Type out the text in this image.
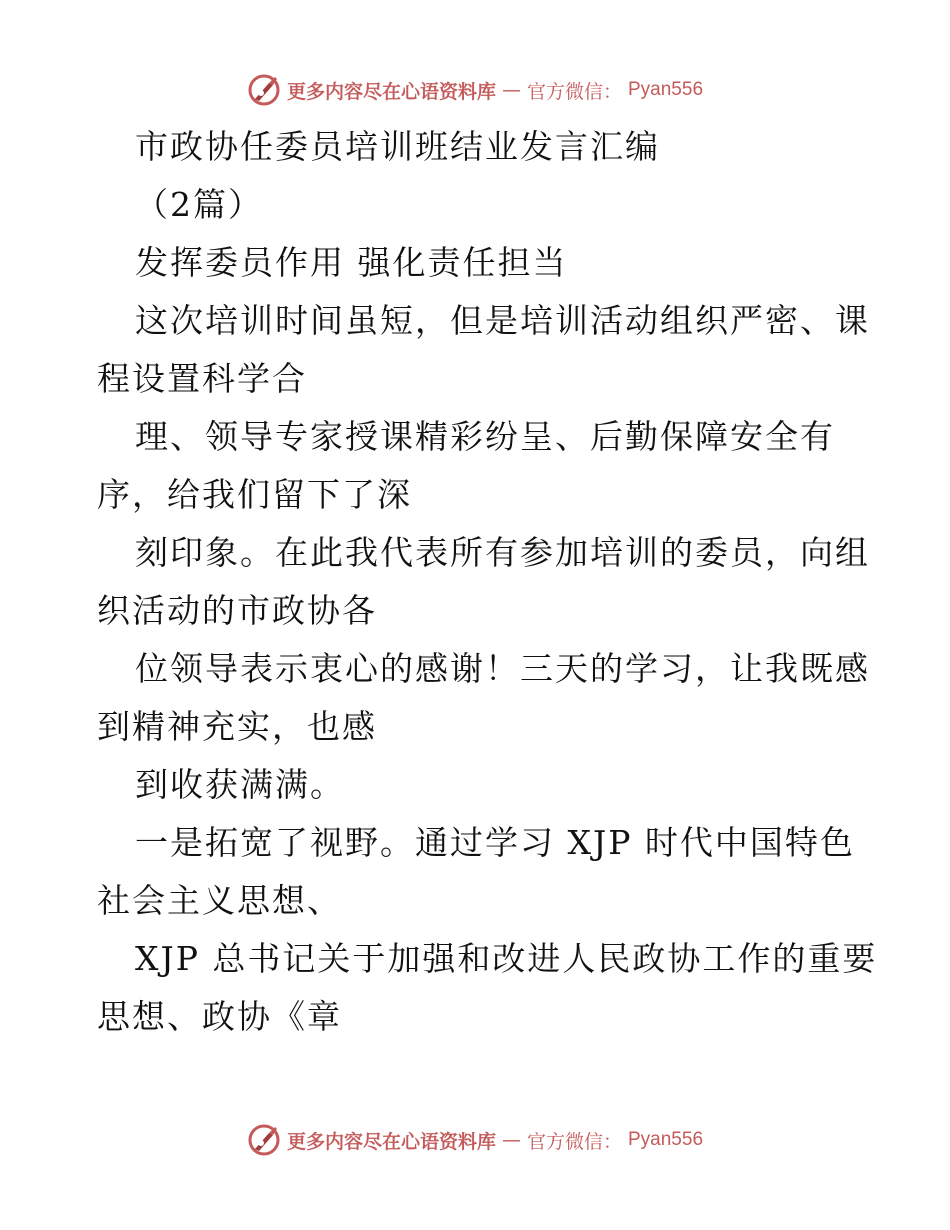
更多内容尽在心语资料库 — 官方微信： Pyan556
市政协任委员培训班结业发言汇编
（2篇）
发挥委员作用 强化责任担当
这次培训时间虽短，但是培训活动组织严密、课
程设置科学合
理、领导专家授课精彩纷呈、后勤保障安全有
序，给我们留下了深
刻印象。在此我代表所有参加培训的委员，向组
织活动的市政协各
位领导表示衷心的感谢！三天的学习，让我既感
到精神充实，也感
到收获满满。
一是拓宽了视野。通过学习 XJP 时代中国特色
社会主义思想、
XJP 总书记关于加强和改进人民政协工作的重要
思想、政协《章
更多内容尽在心语资料库 — 官方微信： Pyan556
